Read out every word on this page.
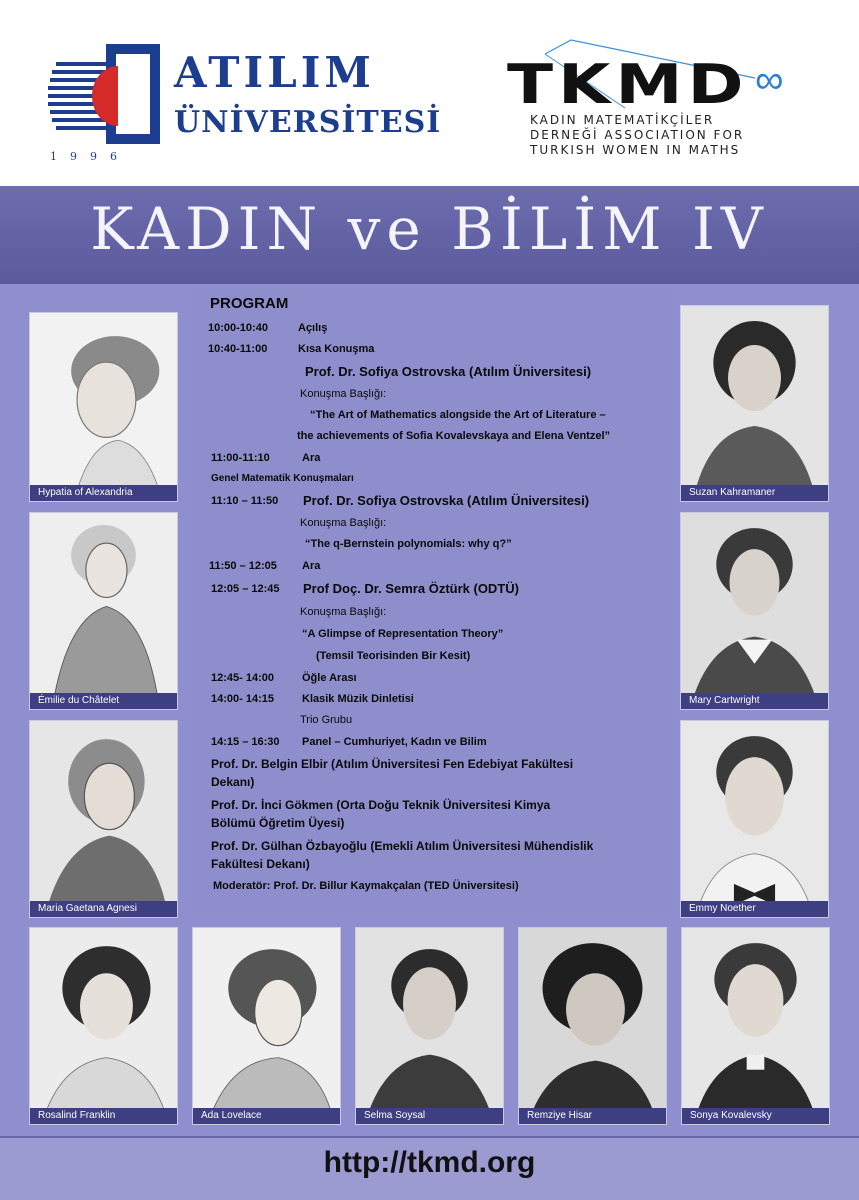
ATILIM
ÜNİVERSİTESİ
1996
TKMD ∞
KADIN MATEMATİKÇİLER
DERNEĞİ ASSOCIATION FOR
TURKISH WOMEN IN MATHS
KADIN ve BİLİM IV
PROGRAM
10:00-10:40	Açılış
10:40-11:00	Kısa Konuşma
Prof. Dr. Sofiya Ostrovska (Atılım Üniversitesi)
Konuşma Başlığı:
“The Art of Mathematics alongside the Art of Literature –
the achievements of Sofia Kovalevskaya and Elena Ventzel”
11:00-11:10	Ara
Genel Matematik Konuşmaları
11:10 – 11:50 Prof. Dr. Sofiya Ostrovska (Atılım Üniversitesi)
Konuşma Başlığı:
“The q-Bernstein polynomials: why q?”
11:50 – 12:05 Ara
12:05 – 12:45 Prof Doç. Dr. Semra Öztürk (ODTÜ)
Konuşma Başlığı:
“A Glimpse of Representation Theory”
(Temsil Teorisinden Bir Kesit)
12:45- 14:00	Öğle Arası
14:00- 14:15	Klasik Müzik Dinletisi
Trio Grubu
14:15 – 16:30 Panel – Cumhuriyet, Kadın ve Bilim
Prof. Dr. Belgin Elbir (Atılım Üniversitesi Fen Edebiyat Fakültesi
Dekanı)
Prof. Dr. İnci Gökmen (Orta Doğu Teknik Üniversitesi Kimya
Bölümü Öğretim Üyesi)
Prof. Dr. Gülhan Özbayoğlu (Emekli Atılım Üniversitesi Mühendislik
Fakültesi Dekanı)
Moderatör: Prof. Dr. Billur Kaymakçalan (TED Üniversitesi)
Hypatia of Alexandria
Émilie du Châtelet
Maria Gaetana Agnesi
Suzan Kahramaner
Mary Cartwright
Emmy Noether
Rosalind Franklin	Ada Lovelace	Selma Soysal	Remziye Hisar	Sonya Kovalevsky
http://tkmd.org
